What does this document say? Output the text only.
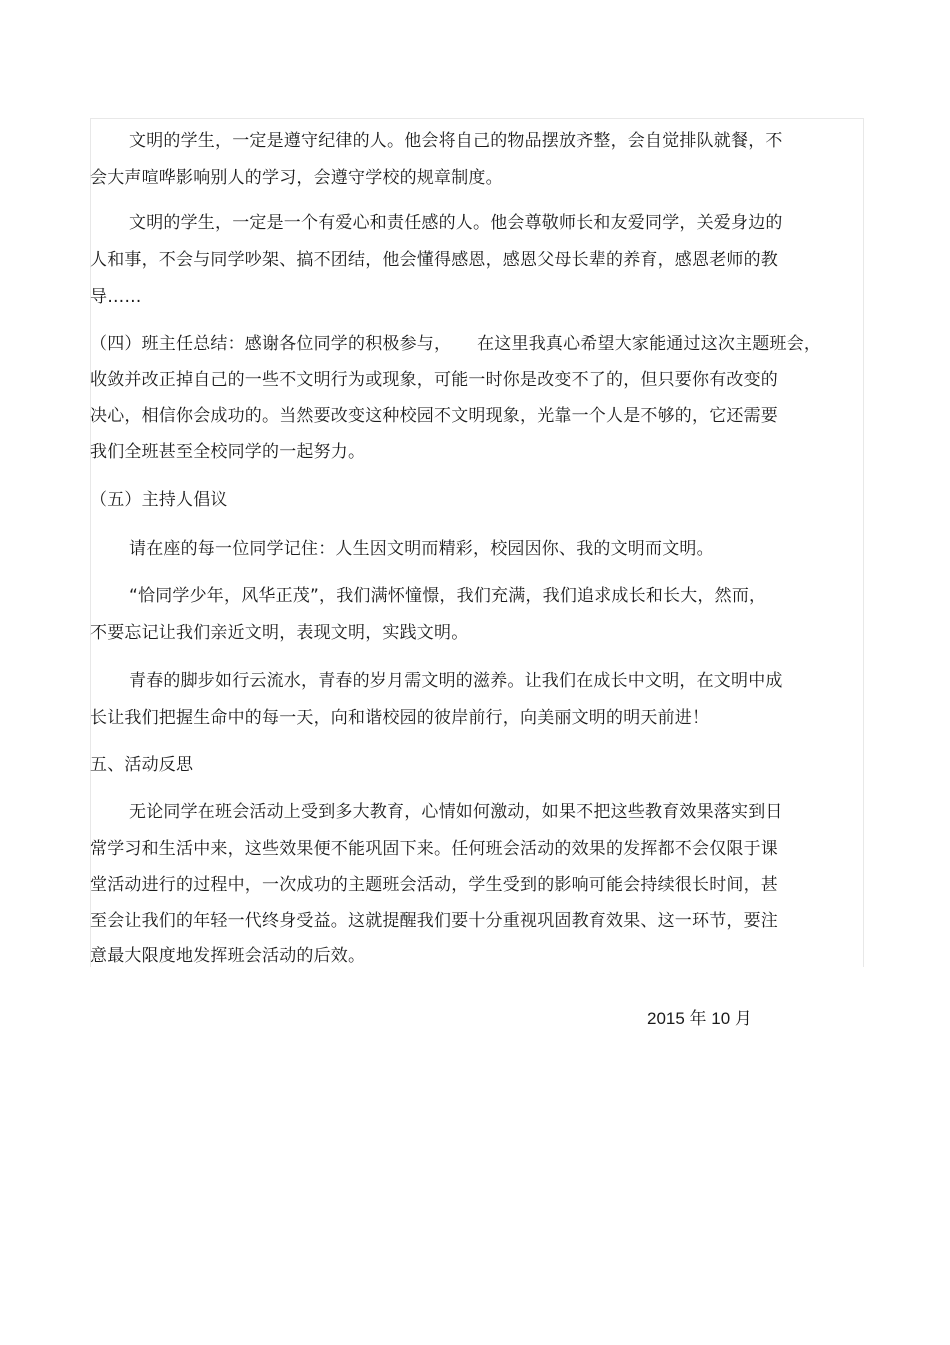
文明的学生，一定是遵守纪律的人。他会将自己的物品摆放齐整，会自觉排队就餐，不
会大声喧哗影响别人的学习，会遵守学校的规章制度。
文明的学生，一定是一个有爱心和责任感的人。他会尊敬师长和友爱同学，关爱身边的
人和事，不会与同学吵架、搞不团结，他会懂得感恩，感恩父母长辈的养育，感恩老师的教
导……
（四）班主任总结：感谢各位同学的积极参与，　　在这里我真心希望大家能通过这次主题班会，
收敛并改正掉自己的一些不文明行为或现象，可能一时你是改变不了的，但只要你有改变的
决心，相信你会成功的。当然要改变这种校园不文明现象，光靠一个人是不够的，它还需要
我们全班甚至全校同学的一起努力。
（五）主持人倡议
请在座的每一位同学记住：人生因文明而精彩，校园因你、我的文明而文明。
“恰同学少年，风华正茂”，我们满怀憧憬，我们充满，我们追求成长和长大，然而，
不要忘记让我们亲近文明，表现文明，实践文明。
青春的脚步如行云流水，青春的岁月需文明的滋养。让我们在成长中文明，在文明中成
长让我们把握生命中的每一天，向和谐校园的彼岸前行，向美丽文明的明天前进！
五、活动反思
无论同学在班会活动上受到多大教育，心情如何激动，如果不把这些教育效果落实到日
常学习和生活中来，这些效果便不能巩固下来。任何班会活动的效果的发挥都不会仅限于课
堂活动进行的过程中，一次成功的主题班会活动，学生受到的影响可能会持续很长时间，甚
至会让我们的年轻一代终身受益。这就提醒我们要十分重视巩固教育效果、这一环节，要注
意最大限度地发挥班会活动的后效。
2015 年 10 月
